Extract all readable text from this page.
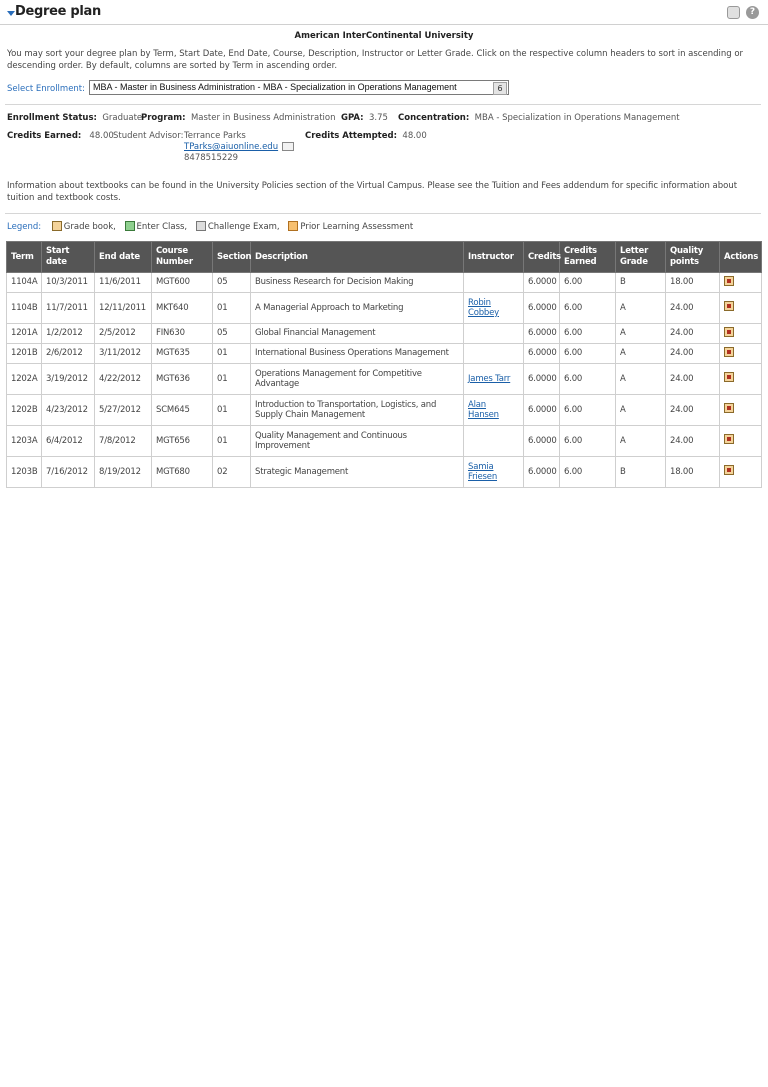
Degree plan	?
American InterContinental University
You may sort your degree plan by Term, Start Date, End Date, Course, Description, Instructor or Letter Grade. Click on the respective column headers to sort in ascending or descending order. By default, columns are sorted by Term in ascending order.
Select Enrollment: MBA - Master in Business Administration - MBA - Specialization in Operations Management	6
Enrollment Status: Graduate
Program: Master in Business Administration GPA: 3.75 Concentration: MBA - Specialization in Operations Management
Credits Earned: 48.00 Student Advisor: Terrance Parks
TParks@aiuonline.edu
8478515229
Credits Attempted: 48.00
Information about textbooks can be found in the University Policies section of the Virtual Campus. Please see the Tuition and Fees addendum for specific information about tuition and textbook costs.
Legend:	Grade book, Enter Class, Challenge Exam, Prior Learning Assessment
Term	Start date	End date	Course Number	Section	Description	Instructor	Credits	Credits Earned	Letter Grade	Quality points	Actions
1104A	10/3/2011	11/6/2011	MGT600	05	Business Research for Decision Making		6.0000	6.00	B	18.00	
1104B	11/7/2011	12/11/2011	MKT640	01	A Managerial Approach to Marketing	Robin Cobbey	6.0000	6.00	A	24.00	
1201A	1/2/2012	2/5/2012	FIN630	05	Global Financial Management		6.0000	6.00	A	24.00	
1201B	2/6/2012	3/11/2012	MGT635	01	International Business Operations Management		6.0000	6.00	A	24.00	
1202A	3/19/2012	4/22/2012	MGT636	01	Operations Management for Competitive Advantage	James Tarr	6.0000	6.00	A	24.00	
1202B	4/23/2012	5/27/2012	SCM645	01	Introduction to Transportation, Logistics, and Supply Chain Management	Alan Hansen	6.0000	6.00	A	24.00	
1203A	6/4/2012	7/8/2012	MGT656	01	Quality Management and Continuous Improvement		6.0000	6.00	A	24.00	
1203B	7/16/2012	8/19/2012	MGT680	02	Strategic Management	Samia Friesen	6.0000	6.00	B	18.00	
